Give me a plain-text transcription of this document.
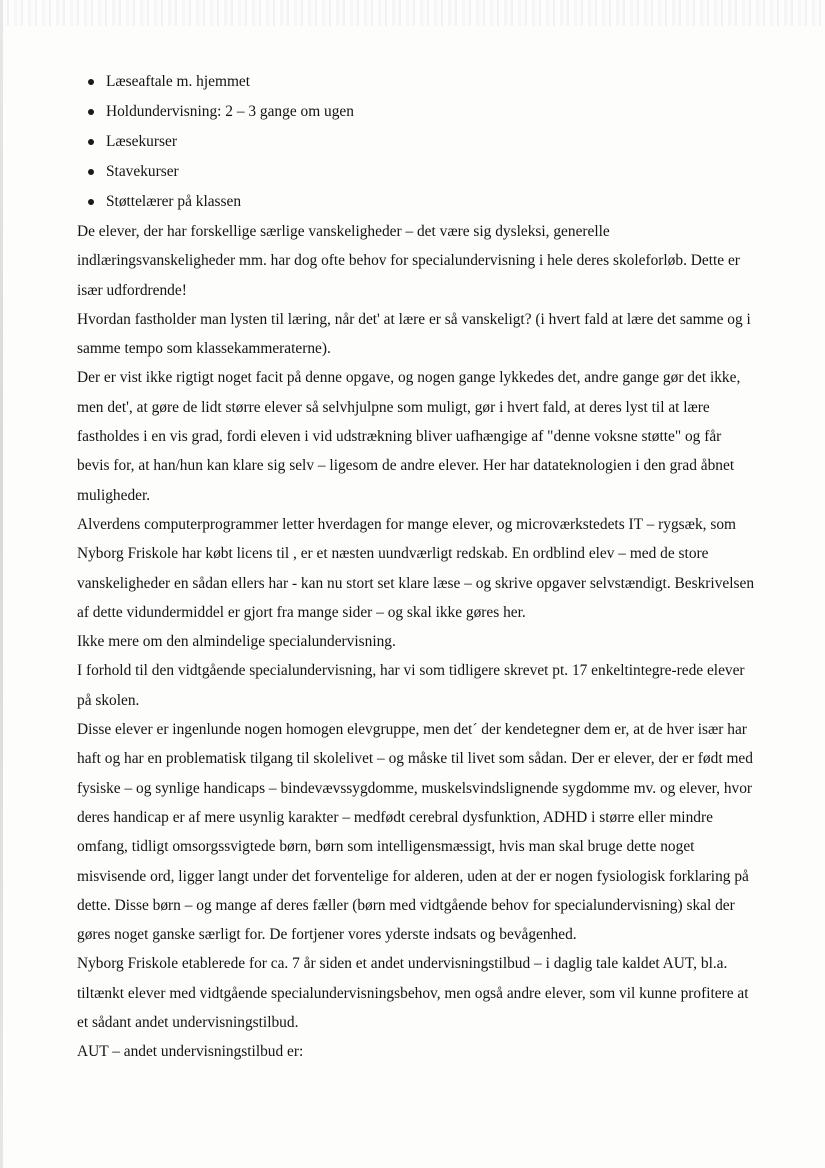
Læseaftale m. hjemmet
Holdundervisning: 2 – 3 gange om ugen
Læsekurser
Stavekurser
Støttelærer på klassen

De elever, der har forskellige særlige vanskeligheder – det være sig dysleksi, generelle indlæringsvanskeligheder mm. har dog ofte behov for specialundervisning i hele deres skoleforløb. Dette er især udfordrende!

Hvordan fastholder man lysten til læring, når det' at lære er så vanskeligt? (i hvert fald at lære det samme og i samme tempo som klassekammeraterne).

Der er vist ikke rigtigt noget facit på denne opgave, og nogen gange lykkedes det, andre gange gør det ikke, men det', at gøre de lidt større elever så selvhjulpne som muligt, gør i hvert fald, at deres lyst til at lære fastholdes i en vis grad, fordi eleven i vid udstrækning bliver uafhængige af "denne voksne støtte" og får bevis for, at han/hun kan klare sig selv – ligesom de andre elever. Her har datateknologien i den grad åbnet muligheder.

Alverdens computerprogrammer letter hverdagen for mange elever, og microværkstedets IT – rygsæk, som Nyborg Friskole har købt licens til , er et næsten uundværligt redskab. En ordblind elev – med de store vanskeligheder en sådan ellers har - kan nu stort set klare læse – og skrive opgaver selvstændigt. Beskrivelsen af dette vidundermiddel er gjort fra mange sider – og skal ikke gøres her.

Ikke mere om den almindelige specialundervisning.

I forhold til den vidtgående specialundervisning, har vi som tidligere skrevet pt. 17 enkeltintegre-rede elever på skolen.

Disse elever er ingenlunde nogen homogen elevgruppe, men det´ der kendetegner dem er, at de hver især har haft og har en problematisk tilgang til skolelivet – og måske til livet som sådan. Der er elever, der er født med fysiske – og synlige handicaps – bindevævssygdomme, muskelsvindslignende sygdomme mv. og elever, hvor deres handicap er af mere usynlig karakter – medfødt cerebral dysfunktion, ADHD i større eller mindre omfang, tidligt omsorgssvigtede børn, børn som intelligensmæssigt, hvis man skal bruge dette noget misvisende ord, ligger langt under det forventelige for alderen, uden at der er nogen fysiologisk forklaring på dette. Disse børn – og mange af deres fæller (børn med vidtgående behov for specialundervisning) skal der gøres noget ganske særligt for. De fortjener vores yderste indsats og bevågenhed.

Nyborg Friskole etablerede for ca. 7 år siden et andet undervisningstilbud – i daglig tale kaldet AUT, bl.a. tiltænkt elever med vidtgående specialundervisningsbehov, men også andre elever, som vil kunne profitere at et sådant andet undervisningstilbud.

AUT – andet undervisningstilbud er:
